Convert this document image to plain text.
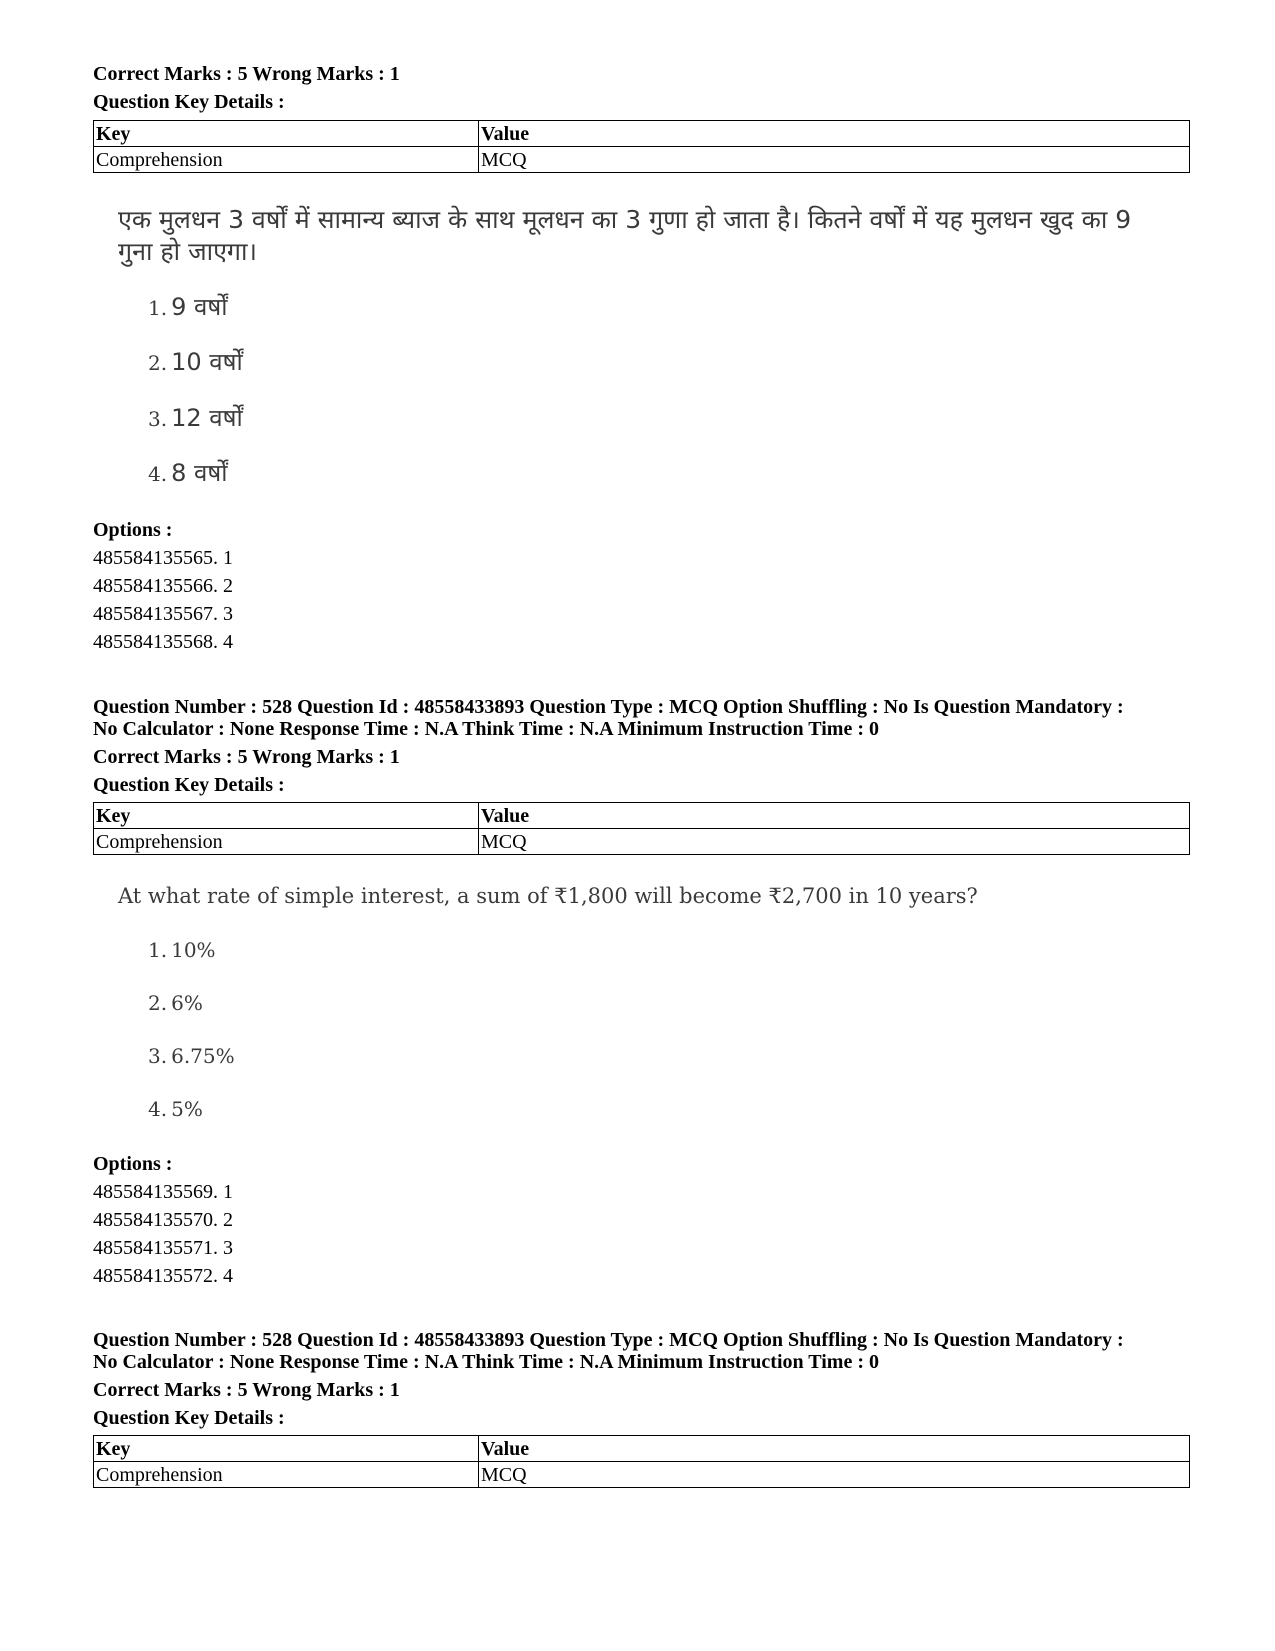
Correct Marks : 5 Wrong Marks : 1
Question Key Details :
Key	Value
Comprehension	MCQ
एक मुलधन 3 वर्षों में सामान्य ब्याज के साथ मूलधन का 3 गुणा हो जाता है। कितने वर्षों में यह मुलधन खुद का 9 गुना हो जाएगा।
1. 9 वर्षों
2. 10 वर्षों
3. 12 वर्षों
4. 8 वर्षों
Options :
485584135565. 1
485584135566. 2
485584135567. 3
485584135568. 4
Question Number : 528 Question Id : 48558433893 Question Type : MCQ Option Shuffling : No Is Question Mandatory :
No Calculator : None Response Time : N.A Think Time : N.A Minimum Instruction Time : 0
Correct Marks : 5 Wrong Marks : 1
Question Key Details :
Key	Value
Comprehension	MCQ
At what rate of simple interest, a sum of ₹1,800 will become ₹2,700 in 10 years?
1. 10%
2. 6%
3. 6.75%
4. 5%
Options :
485584135569. 1
485584135570. 2
485584135571. 3
485584135572. 4
Question Number : 528 Question Id : 48558433893 Question Type : MCQ Option Shuffling : No Is Question Mandatory :
No Calculator : None Response Time : N.A Think Time : N.A Minimum Instruction Time : 0
Correct Marks : 5 Wrong Marks : 1
Question Key Details :
Key	Value
Comprehension	MCQ
